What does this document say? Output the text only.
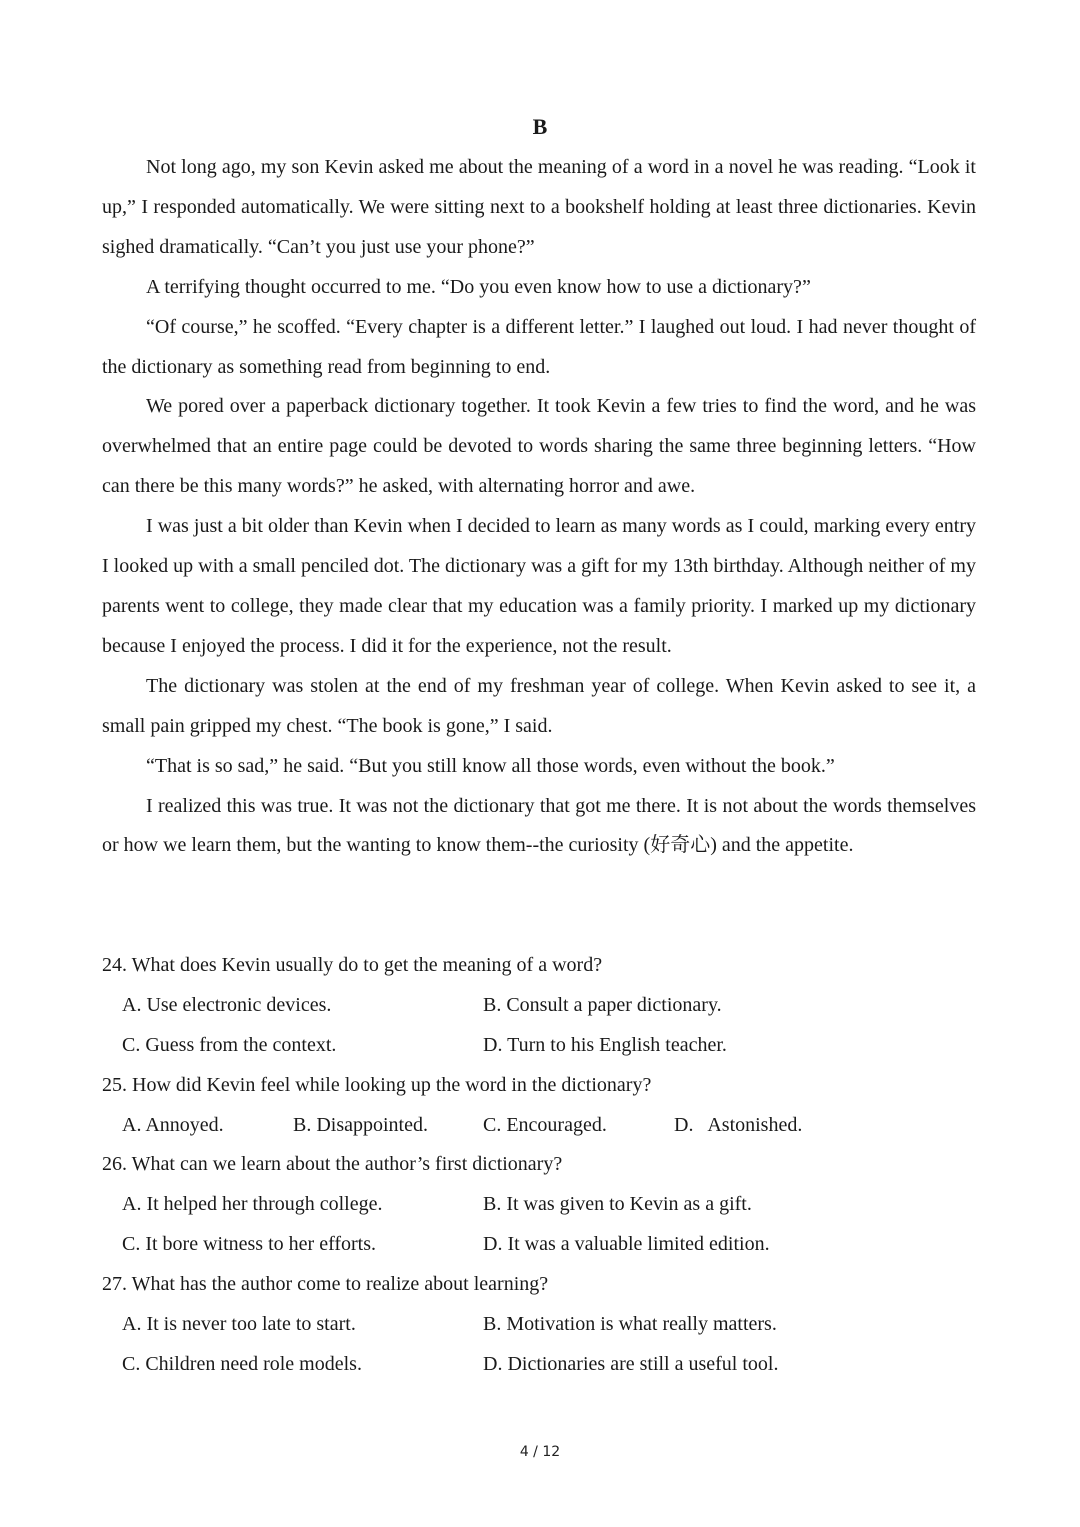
B

Not long ago, my son Kevin asked me about the meaning of a word in a novel he was reading. “Look it up,” I responded automatically. We were sitting next to a bookshelf holding at least three dictionaries. Kevin sighed dramatically. “Can’t you just use your phone?”

A terrifying thought occurred to me. “Do you even know how to use a dictionary?”

“Of course,” he scoffed. “Every chapter is a different letter.” I laughed out loud. I had never thought of the dictionary as something read from beginning to end.

We pored over a paperback dictionary together. It took Kevin a few tries to find the word, and he was overwhelmed that an entire page could be devoted to words sharing the same three beginning letters. “How can there be this many words?” he asked, with alternating horror and awe.

I was just a bit older than Kevin when I decided to learn as many words as I could, marking every entry I looked up with a small penciled dot. The dictionary was a gift for my 13th birthday. Although neither of my parents went to college, they made clear that my education was a family priority. I marked up my dictionary because I enjoyed the process. I did it for the experience, not the result.

The dictionary was stolen at the end of my freshman year of college. When Kevin asked to see it, a small pain gripped my chest. “The book is gone,” I said.

“That is so sad,” he said. “But you still know all those words, even without the book.”

I realized this was true. It was not the dictionary that got me there. It is not about the words themselves or how we learn them, but the wanting to know them--the curiosity (好奇心) and the appetite.

24. What does Kevin usually do to get the meaning of a word?
A. Use electronic devices.	B. Consult a paper dictionary.
C. Guess from the context.	D. Turn to his English teacher.
25. How did Kevin feel while looking up the word in the dictionary?
A. Annoyed.	B. Disappointed.	C. Encouraged.	D.   Astonished.
26. What can we learn about the author’s first dictionary?
A. It helped her through college.	B. It was given to Kevin as a gift.
C. It bore witness to her efforts.	D. It was a valuable limited edition.
27. What has the author come to realize about learning?
A. It is never too late to start.	B. Motivation is what really matters.
C. Children need role models.	D. Dictionaries are still a useful tool.
4 / 12
